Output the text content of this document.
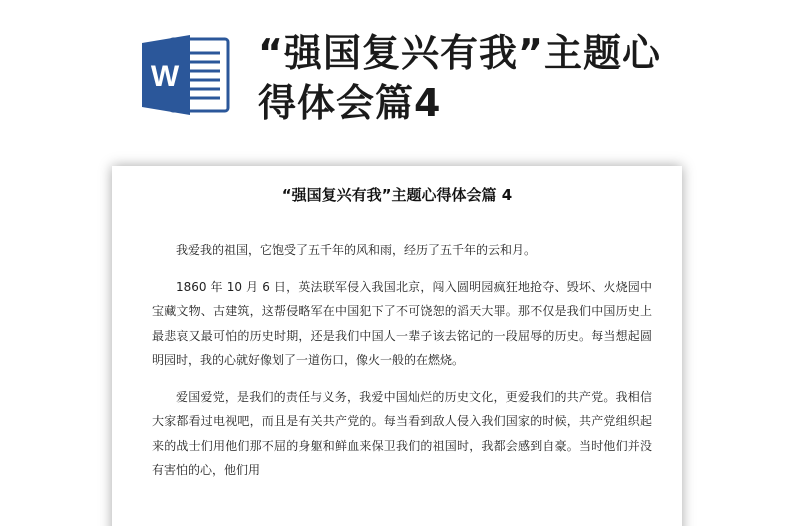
W
“强国复兴有我”主题心得体会篇4
“强国复兴有我”主题心得体会篇 4

我爱我的祖国，它饱受了五千年的风和雨，经历了五千年的云和月。

1860 年 10 月 6 日，英法联军侵入我国北京，闯入圆明园疯狂地抢夺、毁坏、火烧园中宝藏文物、古建筑，这帮侵略军在中国犯下了不可饶恕的滔天大罪。那不仅是我们中国历史上最悲哀又最可怕的历史时期，还是我们中国人一辈子该去铭记的一段屈辱的历史。每当想起圆明园时，我的心就好像划了一道伤口，像火一般的在燃烧。

爱国爱党，是我们的责任与义务，我爱中国灿烂的历史文化，更爱我们的共产党。我相信大家都看过电视吧，而且是有关共产党的。每当看到敌人侵入我们国家的时候，共产党组织起来的战士们用他们那不屈的身躯和鲜血来保卫我们的祖国时，我都会感到自豪。当时他们并没有害怕的心，他们用
